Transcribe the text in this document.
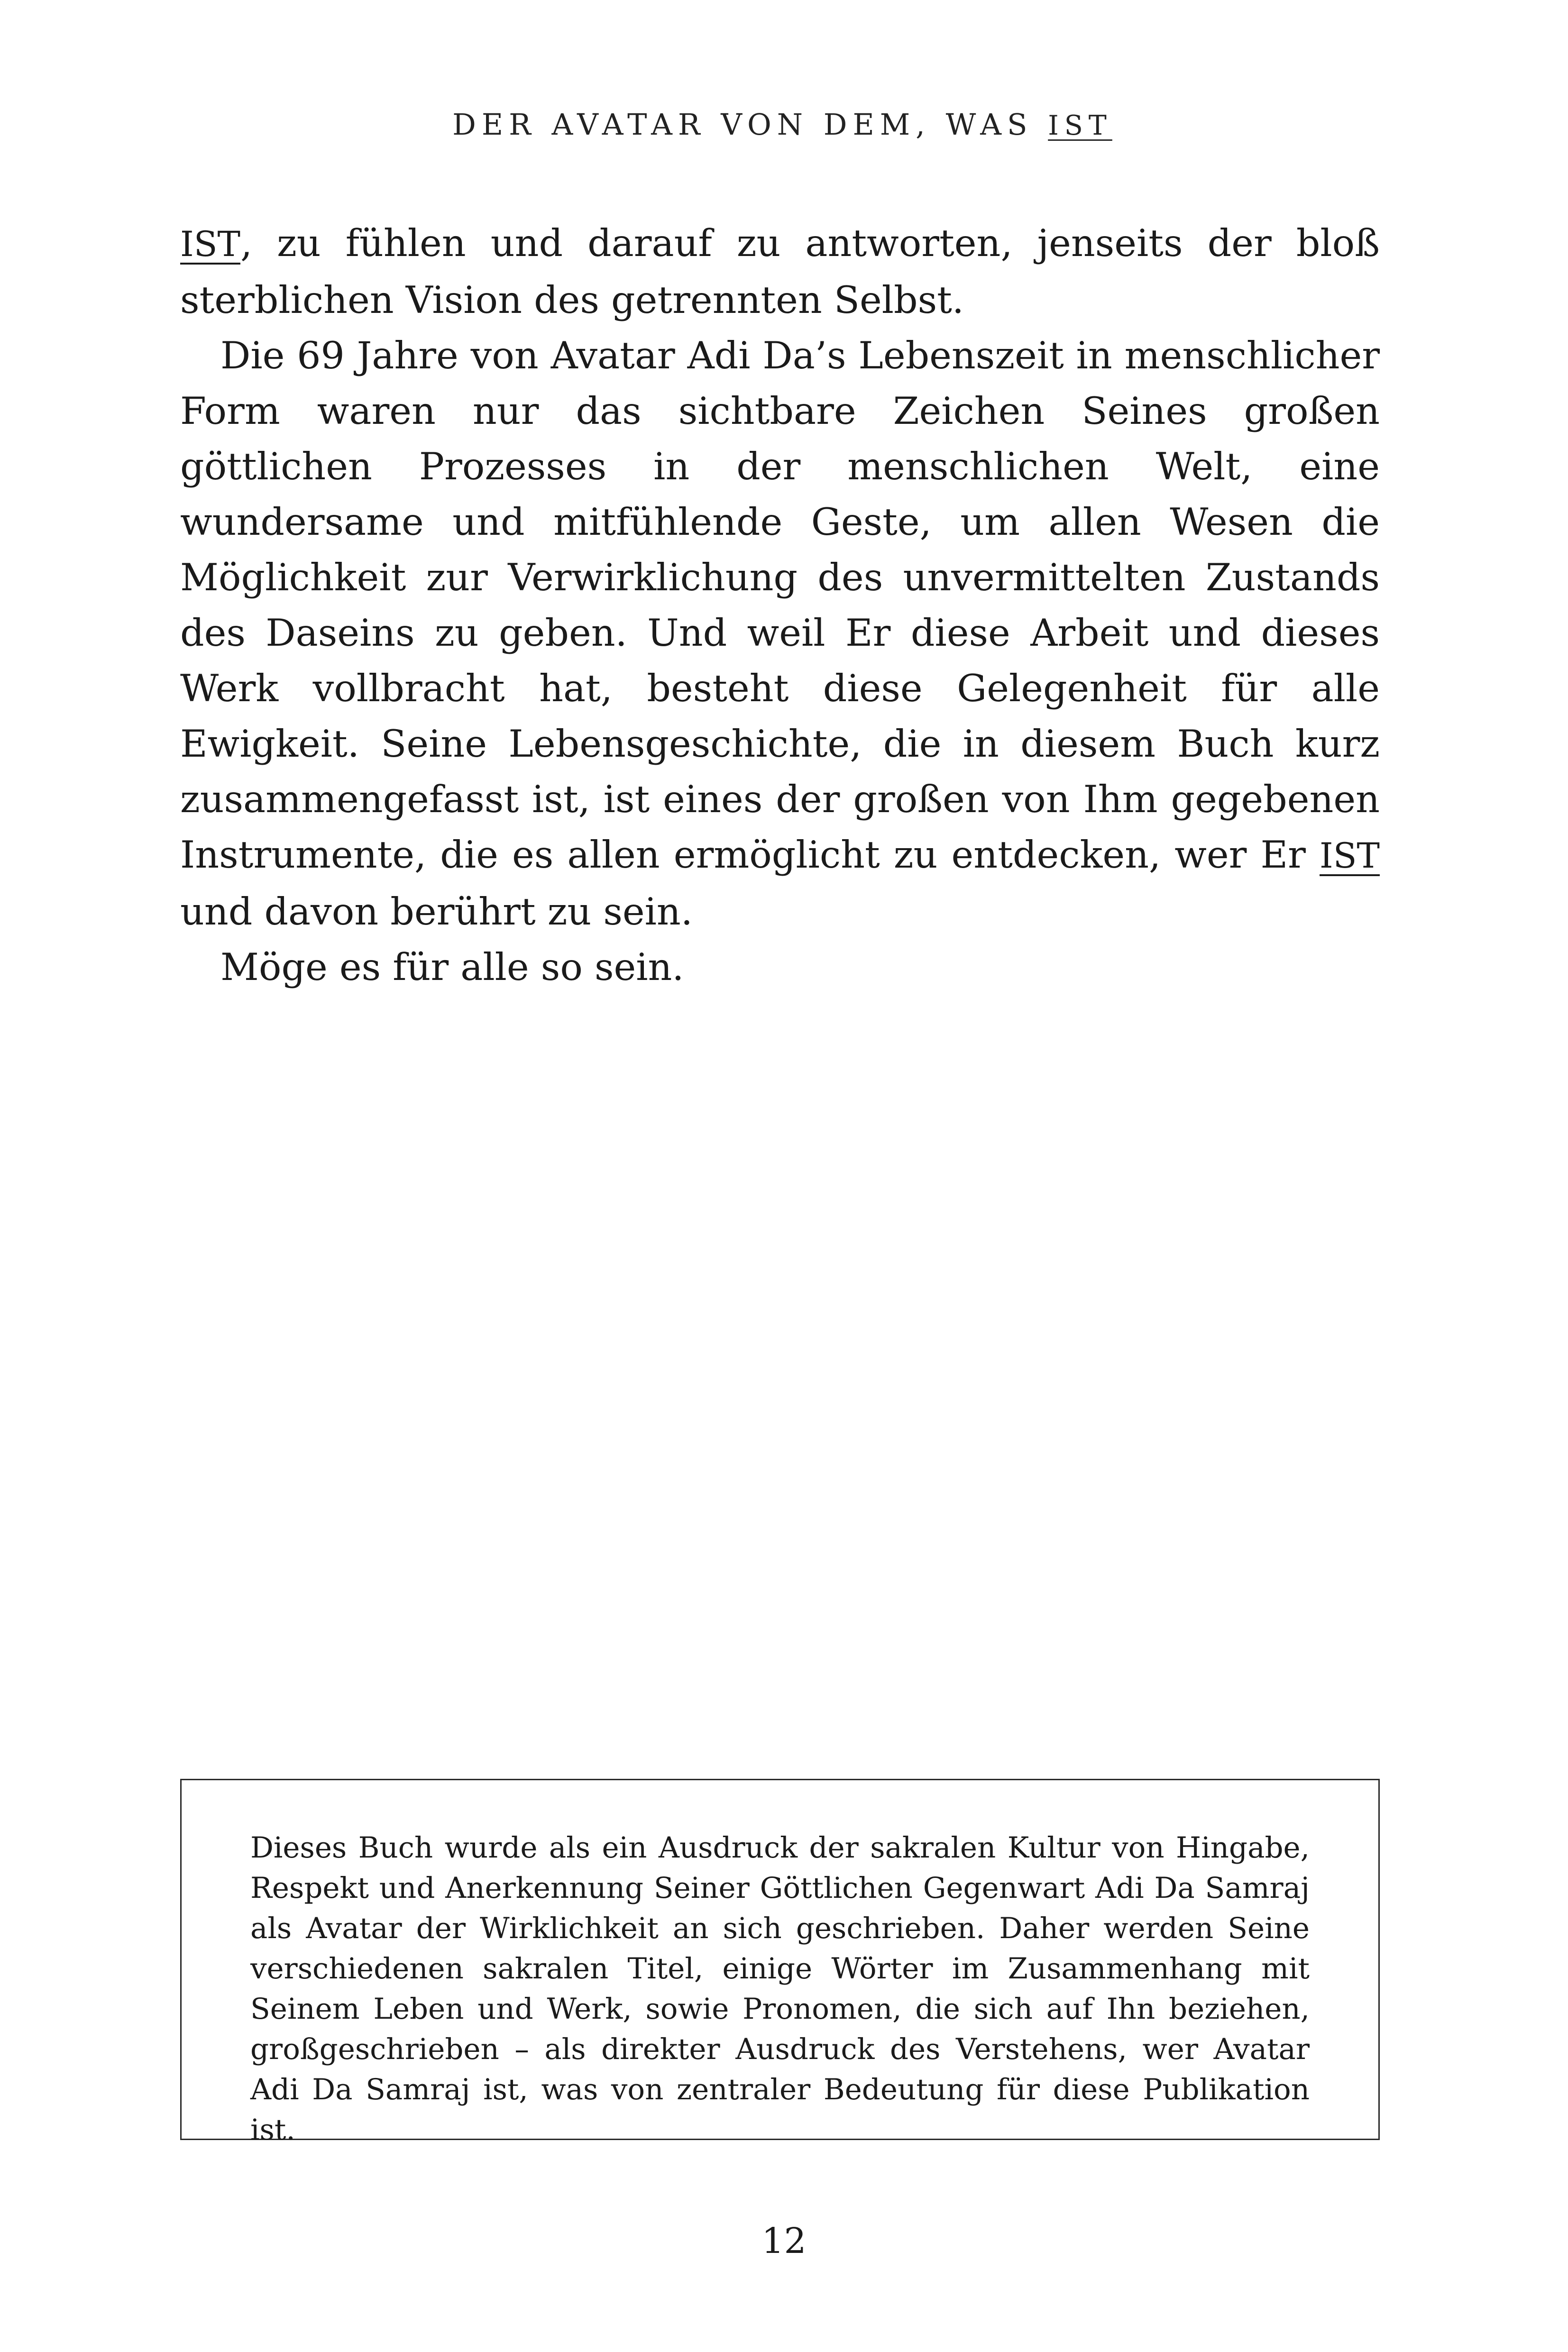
DER AVATAR VON DEM, WAS IST

IST, zu fühlen und darauf zu antworten, jenseits der bloß sterblichen Vision des getrennten Selbst.

Die 69 Jahre von Avatar Adi Da’s Lebenszeit in menschlicher Form waren nur das sichtbare Zeichen Seines großen göttlichen Prozesses in der menschlichen Welt, eine wundersame und mitfühlende Geste, um allen Wesen die Möglichkeit zur Verwirklichung des unvermittelten Zustands des Daseins zu geben. Und weil Er diese Arbeit und dieses Werk vollbracht hat, besteht diese Gelegenheit für alle Ewigkeit. Seine Lebensgeschichte, die in diesem Buch kurz zusammengefasst ist, ist eines der großen von Ihm gegebenen Instrumente, die es allen ermöglicht zu entdecken, wer Er IST und davon berührt zu sein.

Möge es für alle so sein.

Dieses Buch wurde als ein Ausdruck der sakralen Kultur von Hingabe, Respekt und Anerkennung Seiner Göttlichen Gegenwart Adi Da Samraj als Avatar der Wirklichkeit an sich geschrieben. Daher werden Seine verschiedenen sakralen Titel, einige Wörter im Zusammenhang mit Seinem Leben und Werk, sowie Pronomen, die sich auf Ihn beziehen, großgeschrieben – als direkter Ausdruck des Verstehens, wer Avatar Adi Da Samraj ist, was von zentraler Bedeutung für diese Publikation ist.

12
